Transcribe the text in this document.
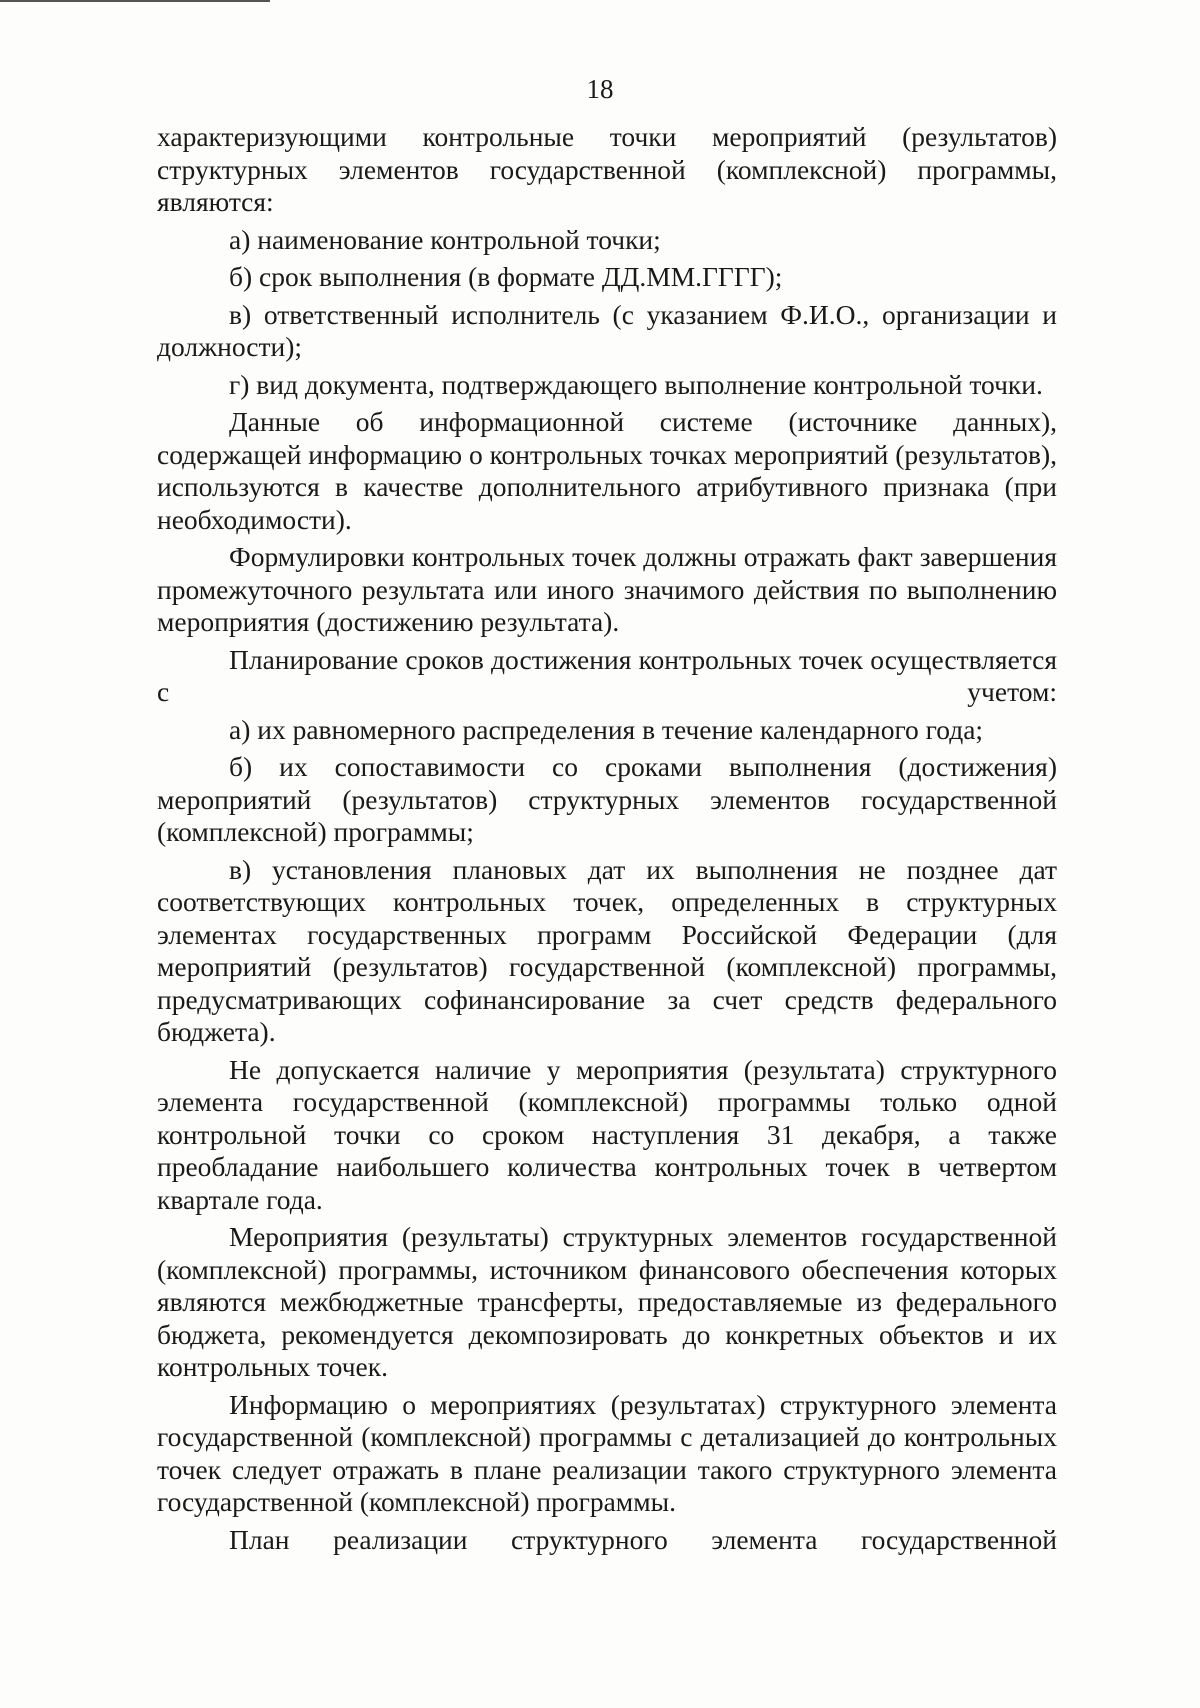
18

характеризующими контрольные точки мероприятий (результатов) структурных элементов государственной (комплексной) программы, являются:

а) наименование контрольной точки;

б) срок выполнения (в формате ДД.ММ.ГГГГ);

в) ответственный исполнитель (с указанием Ф.И.О., организации и должности);

г) вид документа, подтверждающего выполнение контрольной точки.

Данные об информационной системе (источнике данных), содержащей информацию о контрольных точках мероприятий (результатов), используются в качестве дополнительного атрибутивного признака (при необходимости).

Формулировки контрольных точек должны отражать факт завершения промежуточного результата или иного значимого действия по выполнению мероприятия (достижению результата).

Планирование сроков достижения контрольных точек осуществляется с учетом:

а) их равномерного распределения в течение календарного года;

б) их сопоставимости со сроками выполнения (достижения) мероприятий (результатов) структурных элементов государственной (комплексной) программы;

в) установления плановых дат их выполнения не позднее дат соответствующих контрольных точек, определенных в структурных элементах государственных программ Российской Федерации (для мероприятий (результатов) государственной (комплексной) программы, предусматривающих софинансирование за счет средств федерального бюджета).

Не допускается наличие у мероприятия (результата) структурного элемента государственной (комплексной) программы только одной контрольной точки со сроком наступления 31 декабря, а также преобладание наибольшего количества контрольных точек в четвертом квартале года.

Мероприятия (результаты) структурных элементов государственной (комплексной) программы, источником финансового обеспечения которых являются межбюджетные трансферты, предоставляемые из федерального бюджета, рекомендуется декомпозировать до конкретных объектов и их контрольных точек.

Информацию о мероприятиях (результатах) структурного элемента государственной (комплексной) программы с детализацией до контрольных точек следует отражать в плане реализации такого структурного элемента государственной (комплексной) программы.

План реализации структурного элемента государственной
